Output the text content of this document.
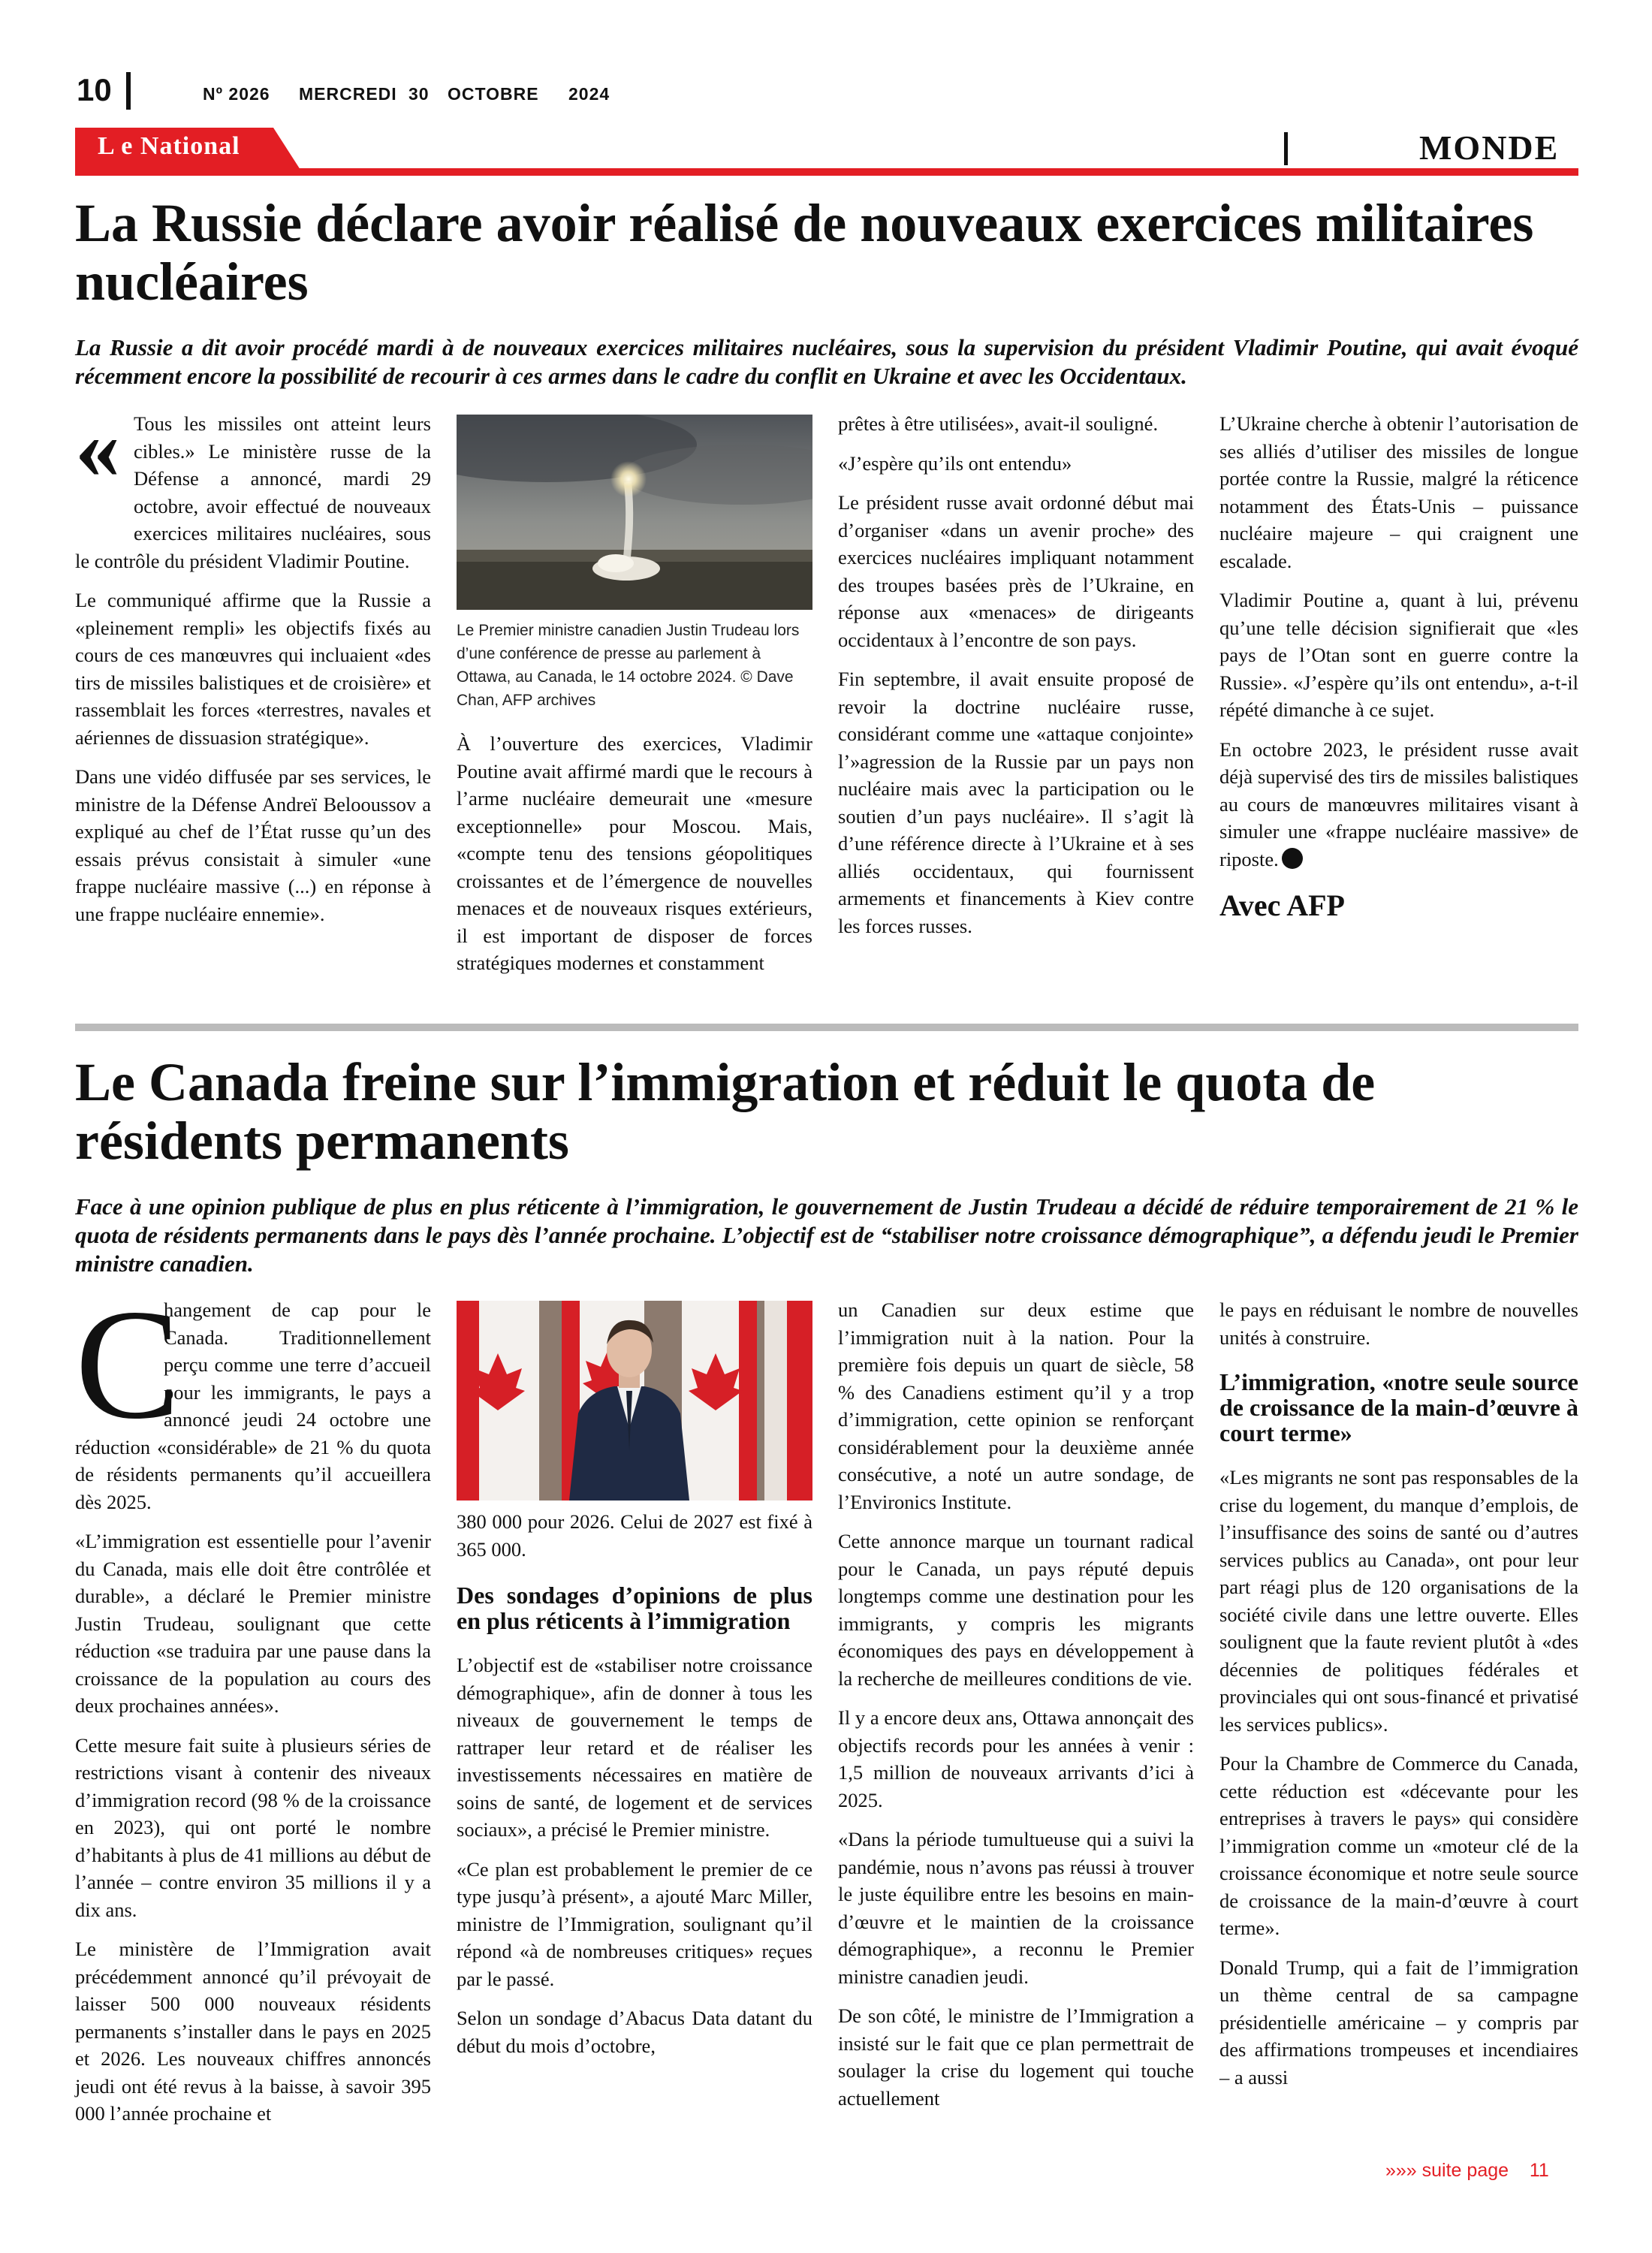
10	Nº 2026 MERCREDI 30 OCTOBRE 2024
L e National	MONDE
La Russie déclare avoir réalisé de nouveaux exercices militaires nucléaires

La Russie a dit avoir procédé mardi à de nouveaux exercices militaires nucléaires, sous la supervision du président Vladimir Poutine, qui avait évoqué récemment encore la possibilité de recourir à ces armes dans le cadre du conflit en Ukraine et avec les Occidentaux.

« Tous les missiles ont atteint leurs cibles.» Le ministère russe de la Défense a annoncé, mardi 29 octobre, avoir effectué de nouveaux exercices militaires nucléaires, sous le contrôle du président Vladimir Poutine.

Le communiqué affirme que la Russie a «pleinement rempli» les objectifs fixés au cours de ces manœuvres qui incluaient «des tirs de missiles balistiques et de croisière» et rassemblait les forces «terrestres, navales et aériennes de dissuasion stratégique».

Dans une vidéo diffusée par ses services, le ministre de la Défense Andreï Belooussov a expliqué au chef de l’État russe qu’un des essais prévus consistait à simuler «une frappe nucléaire massive (...) en réponse à une frappe nucléaire ennemie».

Le Premier ministre canadien Justin Trudeau lors d’une conférence de presse au parlement à Ottawa, au Canada, le 14 octobre 2024. © Dave Chan, AFP archives

À l’ouverture des exercices, Vladimir Poutine avait affirmé mardi que le recours à l’arme nucléaire demeurait une «mesure exceptionnelle» pour Moscou. Mais, «compte tenu des tensions géopolitiques croissantes et de l’émergence de nouvelles menaces et de nouveaux risques extérieurs, il est important de disposer de forces stratégiques modernes et constamment

prêtes à être utilisées», avait-il souligné.

«J’espère qu’ils ont entendu»

Le président russe avait ordonné début mai d’organiser «dans un avenir proche» des exercices nucléaires impliquant notamment des troupes basées près de l’Ukraine, en réponse aux «menaces» de dirigeants occidentaux à l’encontre de son pays.

Fin septembre, il avait ensuite proposé de revoir la doctrine nucléaire russe, considérant comme une «attaque conjointe» l’»agression de la Russie par un pays non nucléaire mais avec la participation ou le soutien d’un pays nucléaire». Il s’agit là d’une référence directe à l’Ukraine et à ses alliés occidentaux, qui fournissent armements et financements à Kiev contre les forces russes.

L’Ukraine cherche à obtenir l’autorisation de ses alliés d’utiliser des missiles de longue portée contre la Russie, malgré la réticence notamment des États-Unis – puissance nucléaire majeure – qui craignent une escalade.

Vladimir Poutine a, quant à lui, prévenu qu’une telle décision signifierait que «les pays de l’Otan sont en guerre contre la Russie». «J’espère qu’ils ont entendu», a-t-il répété dimanche à ce sujet.

En octobre 2023, le président russe avait déjà supervisé des tirs de missiles balistiques au cours de manœuvres militaires visant à simuler une «frappe nucléaire massive» de riposte.

Avec AFP
Le Canada freine sur l’immigration et réduit le quota de résidents permanents

Face à une opinion publique de plus en plus réticente à l’immigration, le gouvernement de Justin Trudeau a décidé de réduire temporairement de 21 % le quota de résidents permanents dans le pays dès l’année prochaine. L’objectif est de “stabiliser notre croissance démographique”, a défendu jeudi le Premier ministre canadien.

C

hangement de cap pour le Canada. Traditionnellement perçu comme une terre d’accueil pour les immigrants, le pays a annoncé jeudi 24 octobre une réduction «considérable» de 21 % du quota de résidents permanents qu’il accueillera dès 2025.

«L’immigration est essentielle pour l’avenir du Canada, mais elle doit être contrôlée et durable», a déclaré le Premier ministre Justin Trudeau, soulignant que cette réduction «se traduira par une pause dans la croissance de la population au cours des deux prochaines années».

Cette mesure fait suite à plusieurs séries de restrictions visant à contenir des niveaux d’immigration record (98 % de la croissance en 2023), qui ont porté le nombre d’habitants à plus de 41 millions au début de l’année – contre environ 35 millions il y a dix ans.

Le ministère de l’Immigration avait précédemment annoncé qu’il prévoyait de laisser 500 000 nouveaux résidents permanents s’installer dans le pays en 2025 et 2026. Les nouveaux chiffres annoncés jeudi ont été revus à la baisse, à savoir 395 000 l’année prochaine et

380 000 pour 2026. Celui de 2027 est fixé à 365 000.

Des sondages d’opinions de plus en plus réticents à l’immigration

L’objectif est de «stabiliser notre croissance démographique», afin de donner à tous les niveaux de gouvernement le temps de rattraper leur retard et de réaliser les investissements nécessaires en matière de soins de santé, de logement et de services sociaux», a précisé le Premier ministre.

«Ce plan est probablement le premier de ce type jusqu’à présent», a ajouté Marc Miller, ministre de l’Immigration, soulignant qu’il répond «à de nombreuses critiques» reçues par le passé.

Selon un sondage d’Abacus Data datant du début du mois d’octobre,

un Canadien sur deux estime que l’immigration nuit à la nation. Pour la première fois depuis un quart de siècle, 58 % des Canadiens estiment qu’il y a trop d’immigration, cette opinion se renforçant considérablement pour la deuxième année consécutive, a noté un autre sondage, de l’Environics Institute.

Cette annonce marque un tournant radical pour le Canada, un pays réputé depuis longtemps comme une destination pour les immigrants, y compris les migrants économiques des pays en développement à la recherche de meilleures conditions de vie.

Il y a encore deux ans, Ottawa annonçait des objectifs records pour les années à venir : 1,5 million de nouveaux arrivants d’ici à 2025.

«Dans la période tumultueuse qui a suivi la pandémie, nous n’avons pas réussi à trouver le juste équilibre entre les besoins en main-d’œuvre et le maintien de la croissance démographique», a reconnu le Premier ministre canadien jeudi.

De son côté, le ministre de l’Immigration a insisté sur le fait que ce plan permettrait de soulager la crise du logement qui touche actuellement

le pays en réduisant le nombre de nouvelles unités à construire.

L’immigration, «notre seule source de croissance de la main-d’œuvre à court terme»

«Les migrants ne sont pas responsables de la crise du logement, du manque d’emplois, de l’insuffisance des soins de santé ou d’autres services publics au Canada», ont pour leur part réagi plus de 120 organisations de la société civile dans une lettre ouverte. Elles soulignent que la faute revient plutôt à «des décennies de politiques fédérales et provinciales qui ont sous-financé et privatisé les services publics».

Pour la Chambre de Commerce du Canada, cette réduction est «décevante pour les entreprises à travers le pays» qui considère l’immigration comme un «moteur clé de la croissance économique et notre seule source de croissance de la main-d’œuvre à court terme».

Donald Trump, qui a fait de l’immigration un thème central de sa campagne présidentielle américaine – y compris par des affirmations trompeuses et incendiaires – a aussi

»»» suite page 11
